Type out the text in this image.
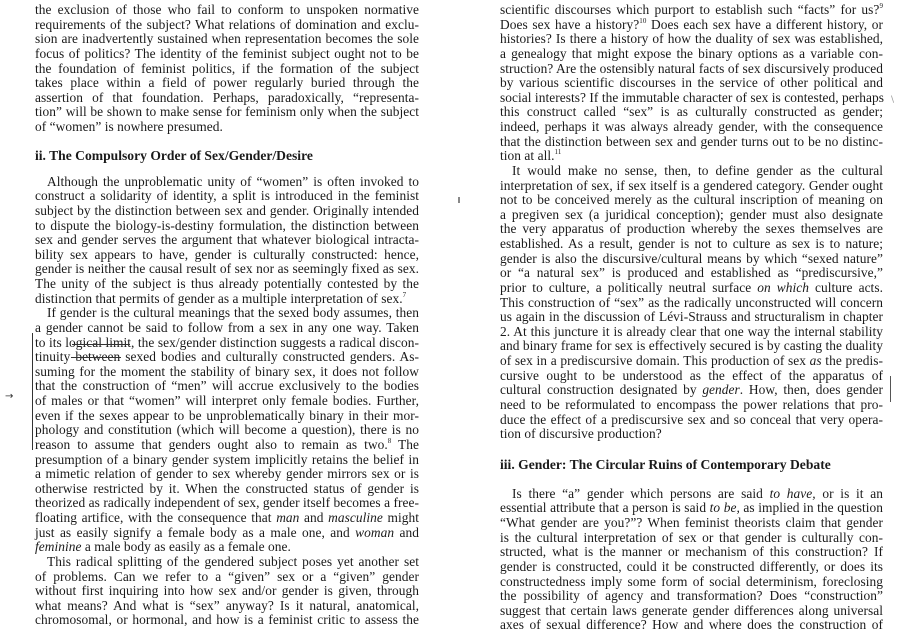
the exclusion of those who fail to conform to unspoken normative
requirements of the subject? What relations of domination and exclu-
sion are inadvertently sustained when representation becomes the sole
focus of politics? The identity of the feminist subject ought not to be
the foundation of feminist politics, if the formation of the subject
takes place within a field of power regularly buried through the
assertion of that foundation. Perhaps, paradoxically, “representa-
tion” will be shown to make sense for feminism only when the subject
of “women” is nowhere presumed.
ii. The Compulsory Order of Sex/Gender/Desire
Although the unproblematic unity of “women” is often invoked to
construct a solidarity of identity, a split is introduced in the feminist
subject by the distinction between sex and gender. Originally intended
to dispute the biology-is-destiny formulation, the distinction between
sex and gender serves the argument that whatever biological intracta-
bility sex appears to have, gender is culturally constructed: hence,
gender is neither the causal result of sex nor as seemingly fixed as sex.
The unity of the subject is thus already potentially contested by the
distinction that permits of gender as a multiple interpretation of sex.$^7$
If gender is the cultural meanings that the sexed body assumes, then
a gender cannot be said to follow from a sex in any one way. Taken
to its logical limit, the sex/gender distinction suggests a radical discon-
tinuity between sexed bodies and culturally constructed genders. As-
suming for the moment the stability of binary sex, it does not follow
that the construction of “men” will accrue exclusively to the bodies
of males or that “women” will interpret only female bodies. Further,
even if the sexes appear to be unproblematically binary in their mor-
phology and constitution (which will become a question), there is no
reason to assume that genders ought also to remain as two.$^8$ The
presumption of a binary gender system implicitly retains the belief in
a mimetic relation of gender to sex whereby gender mirrors sex or is
otherwise restricted by it. When the constructed status of gender is
theorized as radically independent of sex, gender itself becomes a free-
floating artifice, with the consequence that man and masculine might
just as easily signify a female body as a male one, and woman and
feminine a male body as easily as a female one.
This radical splitting of the gendered subject poses yet another set
of problems. Can we refer to a “given” sex or a “given” gender
without first inquiring into how sex and/or gender is given, through
what means? And what is “sex” anyway? Is it natural, anatomical,
chromosomal, or hormonal, and how is a feminist critic to assess the
→
scientific discourses which purport to establish such “facts” for us?$^9$
Does sex have a history?$^{10}$ Does each sex have a different history, or
histories? Is there a history of how the duality of sex was established,
a genealogy that might expose the binary options as a variable con-
struction? Are the ostensibly natural facts of sex discursively produced
by various scientific discourses in the service of other political and
social interests? If the immutable character of sex is contested, perhaps
this construct called “sex” is as culturally constructed as gender;
indeed, perhaps it was always already gender, with the consequence
that the distinction between sex and gender turns out to be no distinc-
tion at all.$^{11}$
It would make no sense, then, to define gender as the cultural
interpretation of sex, if sex itself is a gendered category. Gender ought
not to be conceived merely as the cultural inscription of meaning on
a pregiven sex (a juridical conception); gender must also designate
the very apparatus of production whereby the sexes themselves are
established. As a result, gender is not to culture as sex is to nature;
gender is also the discursive/cultural means by which “sexed nature”
or “a natural sex” is produced and established as “prediscursive,”
prior to culture, a politically neutral surface on which culture acts.
This construction of “sex” as the radically unconstructed will concern
us again in the discussion of Lévi-Strauss and structuralism in chapter
2. At this juncture it is already clear that one way the internal stability
and binary frame for sex is effectively secured is by casting the duality
of sex in a prediscursive domain. This production of sex as the predis-
cursive ought to be understood as the effect of the apparatus of
cultural construction designated by gender. How, then, does gender
need to be reformulated to encompass the power relations that pro-
duce the effect of a prediscursive sex and so conceal that very opera-
tion of discursive production?
iii. Gender: The Circular Ruins of Contemporary Debate
Is there “a” gender which persons are said to have, or is it an
essential attribute that a person is said to be, as implied in the question
“What gender are you?”? When feminist theorists claim that gender
is the cultural interpretation of sex or that gender is culturally con-
structed, what is the manner or mechanism of this construction? If
gender is constructed, could it be constructed differently, or does its
constructedness imply some form of social determinism, foreclosing
the possibility of agency and transformation? Does “construction”
suggest that certain laws generate gender differences along universal
axes of sexual difference? How and where does the construction of
\
